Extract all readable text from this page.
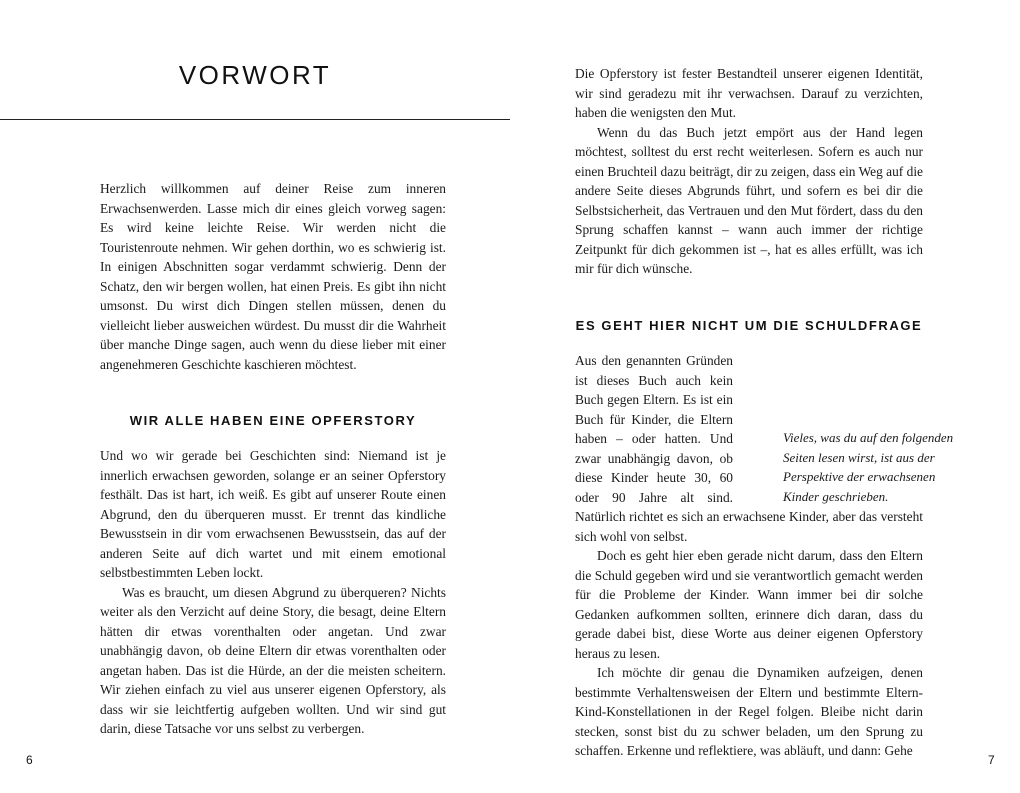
VORWORT

Herzlich willkommen auf deiner Reise zum inneren Erwachsenwerden. Lasse mich dir eines gleich vorweg sagen: Es wird keine leichte Reise. Wir werden nicht die Touristenroute nehmen. Wir gehen dorthin, wo es schwierig ist. In einigen Abschnitten sogar verdammt schwierig. Denn der Schatz, den wir bergen wollen, hat einen Preis. Es gibt ihn nicht umsonst. Du wirst dich Dingen stellen müssen, denen du vielleicht lieber ausweichen würdest. Du musst dir die Wahrheit über manche Dinge sagen, auch wenn du diese lieber mit einer angenehmeren Geschichte kaschieren möchtest.

WIR ALLE HABEN EINE OPFERSTORY

Und wo wir gerade bei Geschichten sind: Niemand ist je innerlich erwachsen geworden, solange er an seiner Opferstory festhält. Das ist hart, ich weiß. Es gibt auf unserer Route einen Abgrund, den du überqueren musst. Er trennt das kindliche Bewusstsein in dir vom erwachsenen Bewusstsein, das auf der anderen Seite auf dich wartet und mit einem emotional selbstbestimmten Leben lockt.

Was es braucht, um diesen Abgrund zu überqueren? Nichts weiter als den Verzicht auf deine Story, die besagt, deine Eltern hätten dir etwas vorenthalten oder angetan. Und zwar unabhängig davon, ob deine Eltern dir etwas vorenthalten oder angetan haben. Das ist die Hürde, an der die meisten scheitern. Wir ziehen einfach zu viel aus unserer eigenen Opferstory, als dass wir sie leichtfertig aufgeben wollten. Und wir sind gut darin, diese Tatsache vor uns selbst zu verbergen.

6

Die Opferstory ist fester Bestandteil unserer eigenen Identität, wir sind geradezu mit ihr verwachsen. Darauf zu verzichten, haben die wenigsten den Mut.

Wenn du das Buch jetzt empört aus der Hand legen möchtest, solltest du erst recht weiterlesen. Sofern es auch nur einen Bruchteil dazu beiträgt, dir zu zeigen, dass ein Weg auf die andere Seite dieses Abgrunds führt, und sofern es bei dir die Selbstsicherheit, das Vertrauen und den Mut fördert, dass du den Sprung schaffen kannst – wann auch immer der richtige Zeitpunkt für dich gekommen ist –, hat es alles erfüllt, was ich mir für dich wünsche.

ES GEHT HIER NICHT UM DIE SCHULDFRAGE

Aus den genannten Gründen ist dieses Buch auch kein Buch gegen Eltern. Es ist ein Buch für Kinder, die Eltern haben – oder hatten. Und zwar unabhängig davon, ob diese Kinder heute 30, 60 oder 90 Jahre alt sind. Natürlich richtet es sich an erwachsene Kinder, aber das versteht sich wohl von selbst.

Doch es geht hier eben gerade nicht darum, dass den Eltern die Schuld gegeben wird und sie verantwortlich gemacht werden für die Probleme der Kinder. Wann immer bei dir solche Gedanken aufkommen sollten, erinnere dich daran, dass du gerade dabei bist, diese Worte aus deiner eigenen Opferstory heraus zu lesen.

Ich möchte dir genau die Dynamiken aufzeigen, denen bestimmte Verhaltensweisen der Eltern und bestimmte Eltern-Kind-Konstellationen in der Regel folgen. Bleibe nicht darin stecken, sonst bist du zu schwer beladen, um den Sprung zu schaffen. Erkenne und reflektiere, was abläuft, und dann: Gehe

Vieles, was du auf den folgenden Seiten lesen wirst, ist aus der Perspektive der erwachsenen Kinder geschrieben.
7
